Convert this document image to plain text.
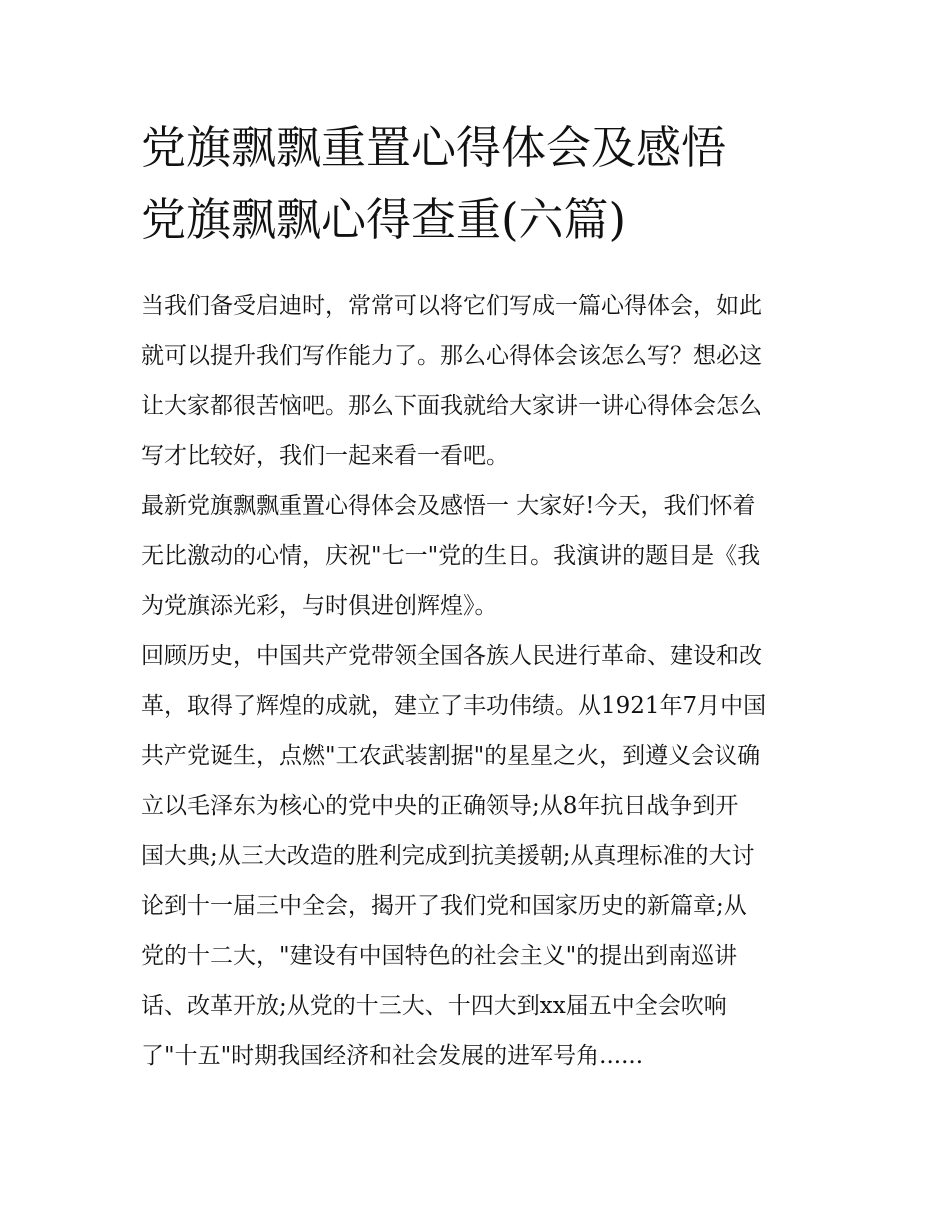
党旗飘飘重置心得体会及感悟
党旗飘飘心得查重(六篇)

当我们备受启迪时，常常可以将它们写成一篇心得体会，如此
就可以提升我们写作能力了。那么心得体会该怎么写？想必这
让大家都很苦恼吧。那么下面我就给大家讲一讲心得体会怎么
写才比较好，我们一起来看一看吧。

最新党旗飘飘重置心得体会及感悟一 大家好!今天，我们怀着
无比激动的心情，庆祝"七一"党的生日。我演讲的题目是《我
为党旗添光彩，与时俱进创辉煌》。

回顾历史，中国共产党带领全国各族人民进行革命、建设和改
革，取得了辉煌的成就，建立了丰功伟绩。从1921年7月中国
共产党诞生，点燃"工农武装割据"的星星之火，到遵义会议确
立以毛泽东为核心的党中央的正确领导;从8年抗日战争到开
国大典;从三大改造的胜利完成到抗美援朝;从真理标准的大讨
论到十一届三中全会，揭开了我们党和国家历史的新篇章;从
党的十二大，"建设有中国特色的社会主义"的提出到南巡讲
话、改革开放;从党的十三大、十四大到xx届五中全会吹响
了"十五"时期我国经济和社会发展的进军号角......
